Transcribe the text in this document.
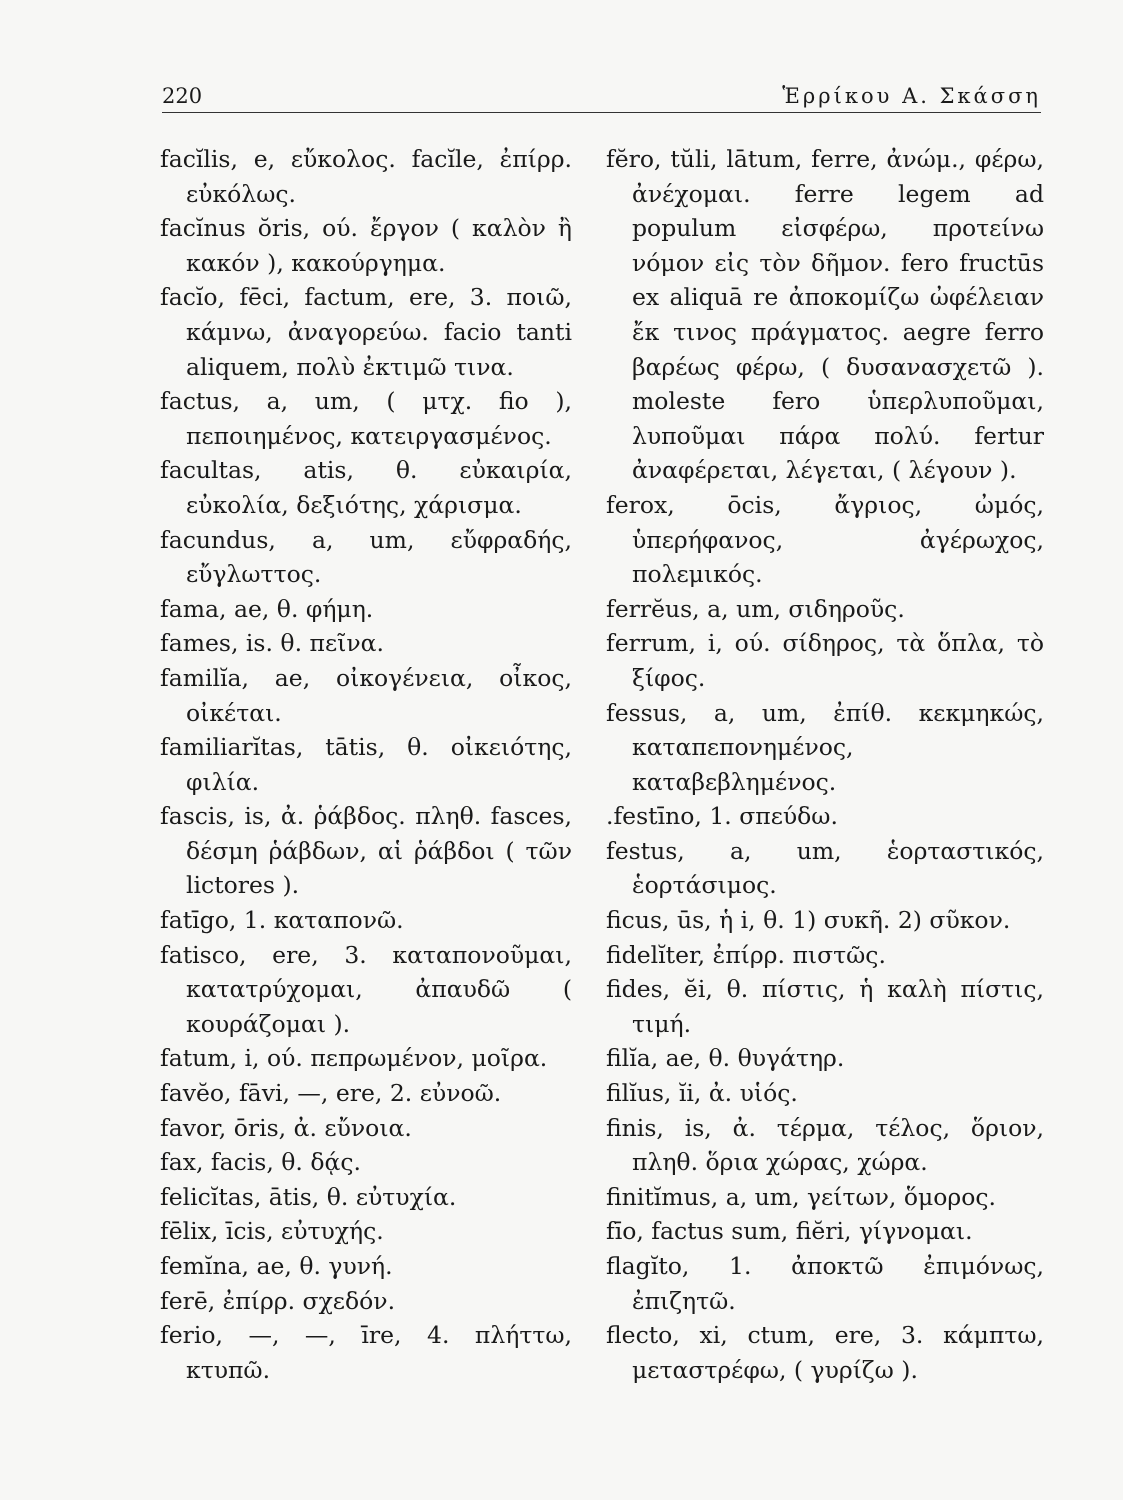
220	Ἑρρίκου Α. Σκάσση

facĭlis, e, εὔκολος. facĭle, ἐπίρρ. εὐκόλως.

facĭnus ŏris, ού. ἔργον ( καλὸν ἢ κακόν ), κακούργημα.

facĭo, fēci, factum, ere, 3. ποιῶ, κάμνω, ἀναγορεύω. facio tanti aliquem, πολὺ ἐκτιμῶ τινα.

factus, a, um, ( μτχ. fio ), πεποιημένος, κατειργασμένος.

facultas, atis, θ. εὐκαιρία, εὐκολία, δεξιότης, χάρισμα.

facundus, a, um, εὔφραδής, εὔγλωττος.

fama, ae, θ. φήμη.

fames, is. θ. πεῖνα.

familĭa, ae, οἰκογένεια, οἶκος, οἰκέται.

familiarĭtas, tātis, θ. οἰκειότης, φιλία.

fascis, is, ἀ. ῥάβδος. πληθ. fasces, δέσμη ῥάβδων, αἱ ῥάβδοι ( τῶν lictores ).

fatīgo, 1. καταπονῶ.

fatisco, ere, 3. καταπονοῦμαι, κατατρύχομαι, ἀπαυδῶ ( κουράζομαι ).

fatum, i, ού. πεπρωμένον, μοῖρα.

favĕo, fāvi, —, ere, 2. εὐνοῶ.

favor, ōris, ἀ. εὔνοια.

fax, facis, θ. δᾴς.

felicĭtas, ātis, θ. εὐτυχία.

fēlix, īcis, εὐτυχής.

femĭna, ae, θ. γυνή.

ferē, ἐπίρρ. σχεδόν.

ferio, —, —, īre, 4. πλήττω, κτυπῶ.

fĕro, tŭli, lātum, ferre, ἀνώμ., φέρω, ἀνέχομαι. ferre legem ad populum εἰσφέρω, προτείνω νόμον εἰς τὸν δῆμον. fero fructūs ex aliquā re ἀποκομίζω ὠφέλειαν ἔκ τινος πράγματος. aegre ferro βαρέως φέρω, ( δυσανασχετῶ ). moleste fero ὑπερλυποῦμαι, λυποῦμαι πάρα πολύ. fertur ἀναφέρεται, λέγεται, ( λέγουν ).

ferox, ōcis, ἄγριος, ὠμός, ὑπερήφανος, ἀγέρωχος, πολεμικός.

ferrĕus, a, um, σιδηροῦς.

ferrum, i, ού. σίδηρος, τὰ ὅπλα, τὸ ξίφος.

fessus, a, um, ἐπίθ. κεκμηκώς, καταπεπονημένος, καταβεβλημένος.

.festīno, 1. σπεύδω.

festus, a, um, ἑορταστικός, ἑορτάσιμος.

ficus, ūs, ἡ i, θ. 1) συκῆ. 2) σῦκον.

fidelĭter, ἐπίρρ. πιστῶς.

fides, ĕi, θ. πίστις, ἡ καλὴ πίστις, τιμή.

filĭa, ae, θ. θυγάτηρ.

filĭus, ĭi, ἀ. υἱός.

finis, is, ἀ. τέρμα, τέλος, ὅριον, πληθ. ὅρια χώρας, χώρα.

finitĭmus, a, um, γείτων, ὅμορος.

fīo, factus sum, fiĕri, γίγνομαι.

flagĭto, 1. ἀποκτῶ ἐπιμόνως, ἐπιζητῶ.

flecto, xi, ctum, ere, 3. κάμπτω, μεταστρέφω, ( γυρίζω ).
